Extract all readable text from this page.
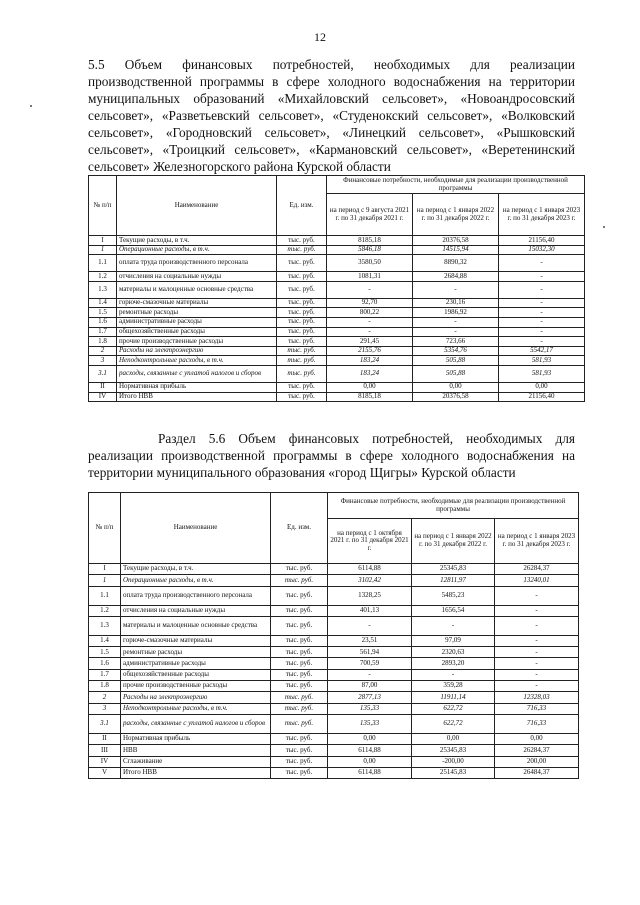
12

5.5 Объем финансовых потребностей, необходимых для реализации производственной программы в сфере холодного водоснабжения на территории муниципальных образований «Михайловский сельсовет», «Новоандросовский сельсовет», «Разветьевский сельсовет», «Студенокский сельсовет», «Волковский сельсовет», «Городновский сельсовет», «Линецкий сельсовет», «Рышковский сельсовет», «Троицкий сельсовет», «Кармановский сельсовет», «Веретенинский сельсовет» Железногорского района Курской области

№ п/п	Наименование	Ед. изм.	Финансовые потребности, необходимые для реализации производственной программы		
			на период с 9 августа 2021 г. по 31 декабря 2021 г.	на период с 1 января 2022 г. по 31 декабря 2022 г.	на период с 1 января 2023 г. по 31 декабря 2023 г.
I	Текущие расходы, в т.ч.	тыс. руб.	8185,18	20376,58	21156,40
1	Операционные расходы, в т.ч.	тыс. руб.	5846,18	14515,94	15032,30
1.1	оплата труда производственного персонала	тыс. руб.	3580,50	8890,32	-
1.2	отчисления на социальные нужды	тыс. руб.	1081,31	2684,88	-
1.3	материалы и малоценные основные средства	тыс. руб.	-	-	-
1.4	горюче-смазочные материалы	тыс. руб.	92,70	230,16	-
1.5	ремонтные расходы	тыс. руб.	800,22	1986,92	-
1.6	административные расходы	тыс. руб.	-	-	-
1.7	общехозяйственные расходы	тыс. руб.	-	-	-
1.8	прочие производственные расходы	тыс. руб.	291,45	723,66	-
2	Расходы на электроэнергию	тыс. руб.	2155,76	5354,76	5542,17
3	Неподконтрольные расходы, в т.ч.	тыс. руб.	183,24	505,88	581,93
3.1	расходы, связанные с уплатой налогов и сборов	тыс. руб.	183,24	505,88	581,93
II	Нормативная прибыль	тыс. руб.	0,00	0,00	0,00
IV	Итого НВВ	тыс. руб.	8185,18	20376,58	21156,40

Раздел 5.6 Объем финансовых потребностей, необходимых для реализации производственной программы в сфере холодного водоснабжения на территории муниципального образования «город Щигры» Курской области

№ п/п	Наименование	Ед. изм.	Финансовые потребности, необходимые для реализации производственной программы		
			на период с 1 октября 2021 г. по 31 декабря 2021 г.	на период с 1 января 2022 г. по 31 декабря 2022 г.	на период с 1 января 2023 г. по 31 декабря 2023 г.
I	Текущие расходы, в т.ч.	тыс. руб.	6114,88	25345,83	26284,37
1	Операционные расходы, в т.ч.	тыс. руб.	3102,42	12811,97	13240,01
1.1	оплата труда производственного персонала	тыс. руб.	1328,25	5485,23	-
1.2	отчисления на социальные нужды	тыс. руб.	401,13	1656,54	-
1.3	материалы и малоценные основные средства	тыс. руб.	-	-	-
1.4	горюче-смазочные материалы	тыс. руб.	23,51	97,09	-
1.5	ремонтные расходы	тыс. руб.	561,94	2320,63	-
1.6	административные расходы	тыс. руб.	700,59	2893,20	-
1.7	общехозяйственные расходы	тыс. руб.	-	-	-
1.8	прочие производственные расходы	тыс. руб.	87,00	359,28	-
2	Расходы на электроэнергию	тыс. руб.	2877,13	11911,14	12328,03
3	Неподконтрольные расходы, в т.ч.	тыс. руб.	135,33	622,72	716,33
3.1	расходы, связанные с уплатой налогов и сборов	тыс. руб.	135,33	622,72	716,33
II	Нормативная прибыль	тыс. руб.	0,00	0,00	0,00
III	НВВ	тыс. руб.	6114,88	25345,83	26284,37
IV	Сглаживание	тыс. руб.	0,00	-200,00	200,00
V	Итого НВВ	тыс. руб.	6114,88	25145,83	26484,37
